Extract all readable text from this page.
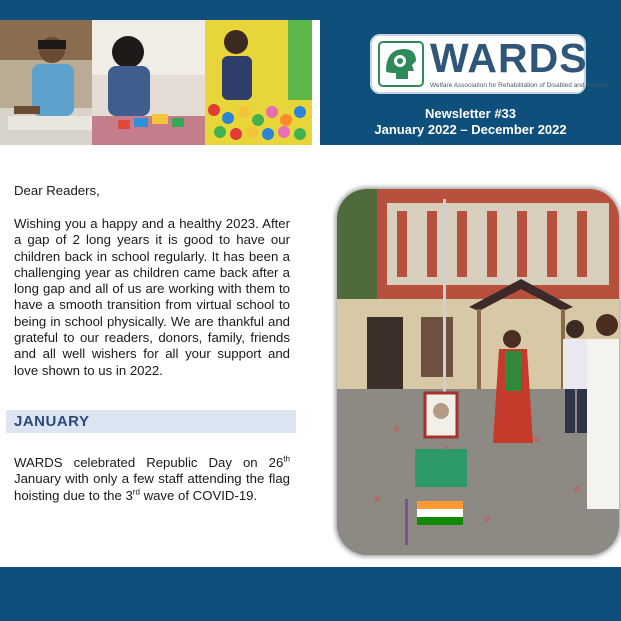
WARDS
Welfare Association for Rehabilitation of Disabled and Society
Newsletter #33
January 2022 – December 2022
Dear Readers,
Wishing you a happy and a healthy 2023. After a gap of 2 long years it is good to have our children back in school regularly. It has been a challenging year as children came back after a long gap and all of us are working with them to have a smooth transition from virtual school to being in school physically. We are thankful and grateful to our readers, donors, family, friends and all well wishers for all your support and love shown to us in 2022.
JANUARY
WARDS celebrated Republic Day on 26th January with only a few staff attending the flag hoisting due to the 3rd wave of COVID-19.
